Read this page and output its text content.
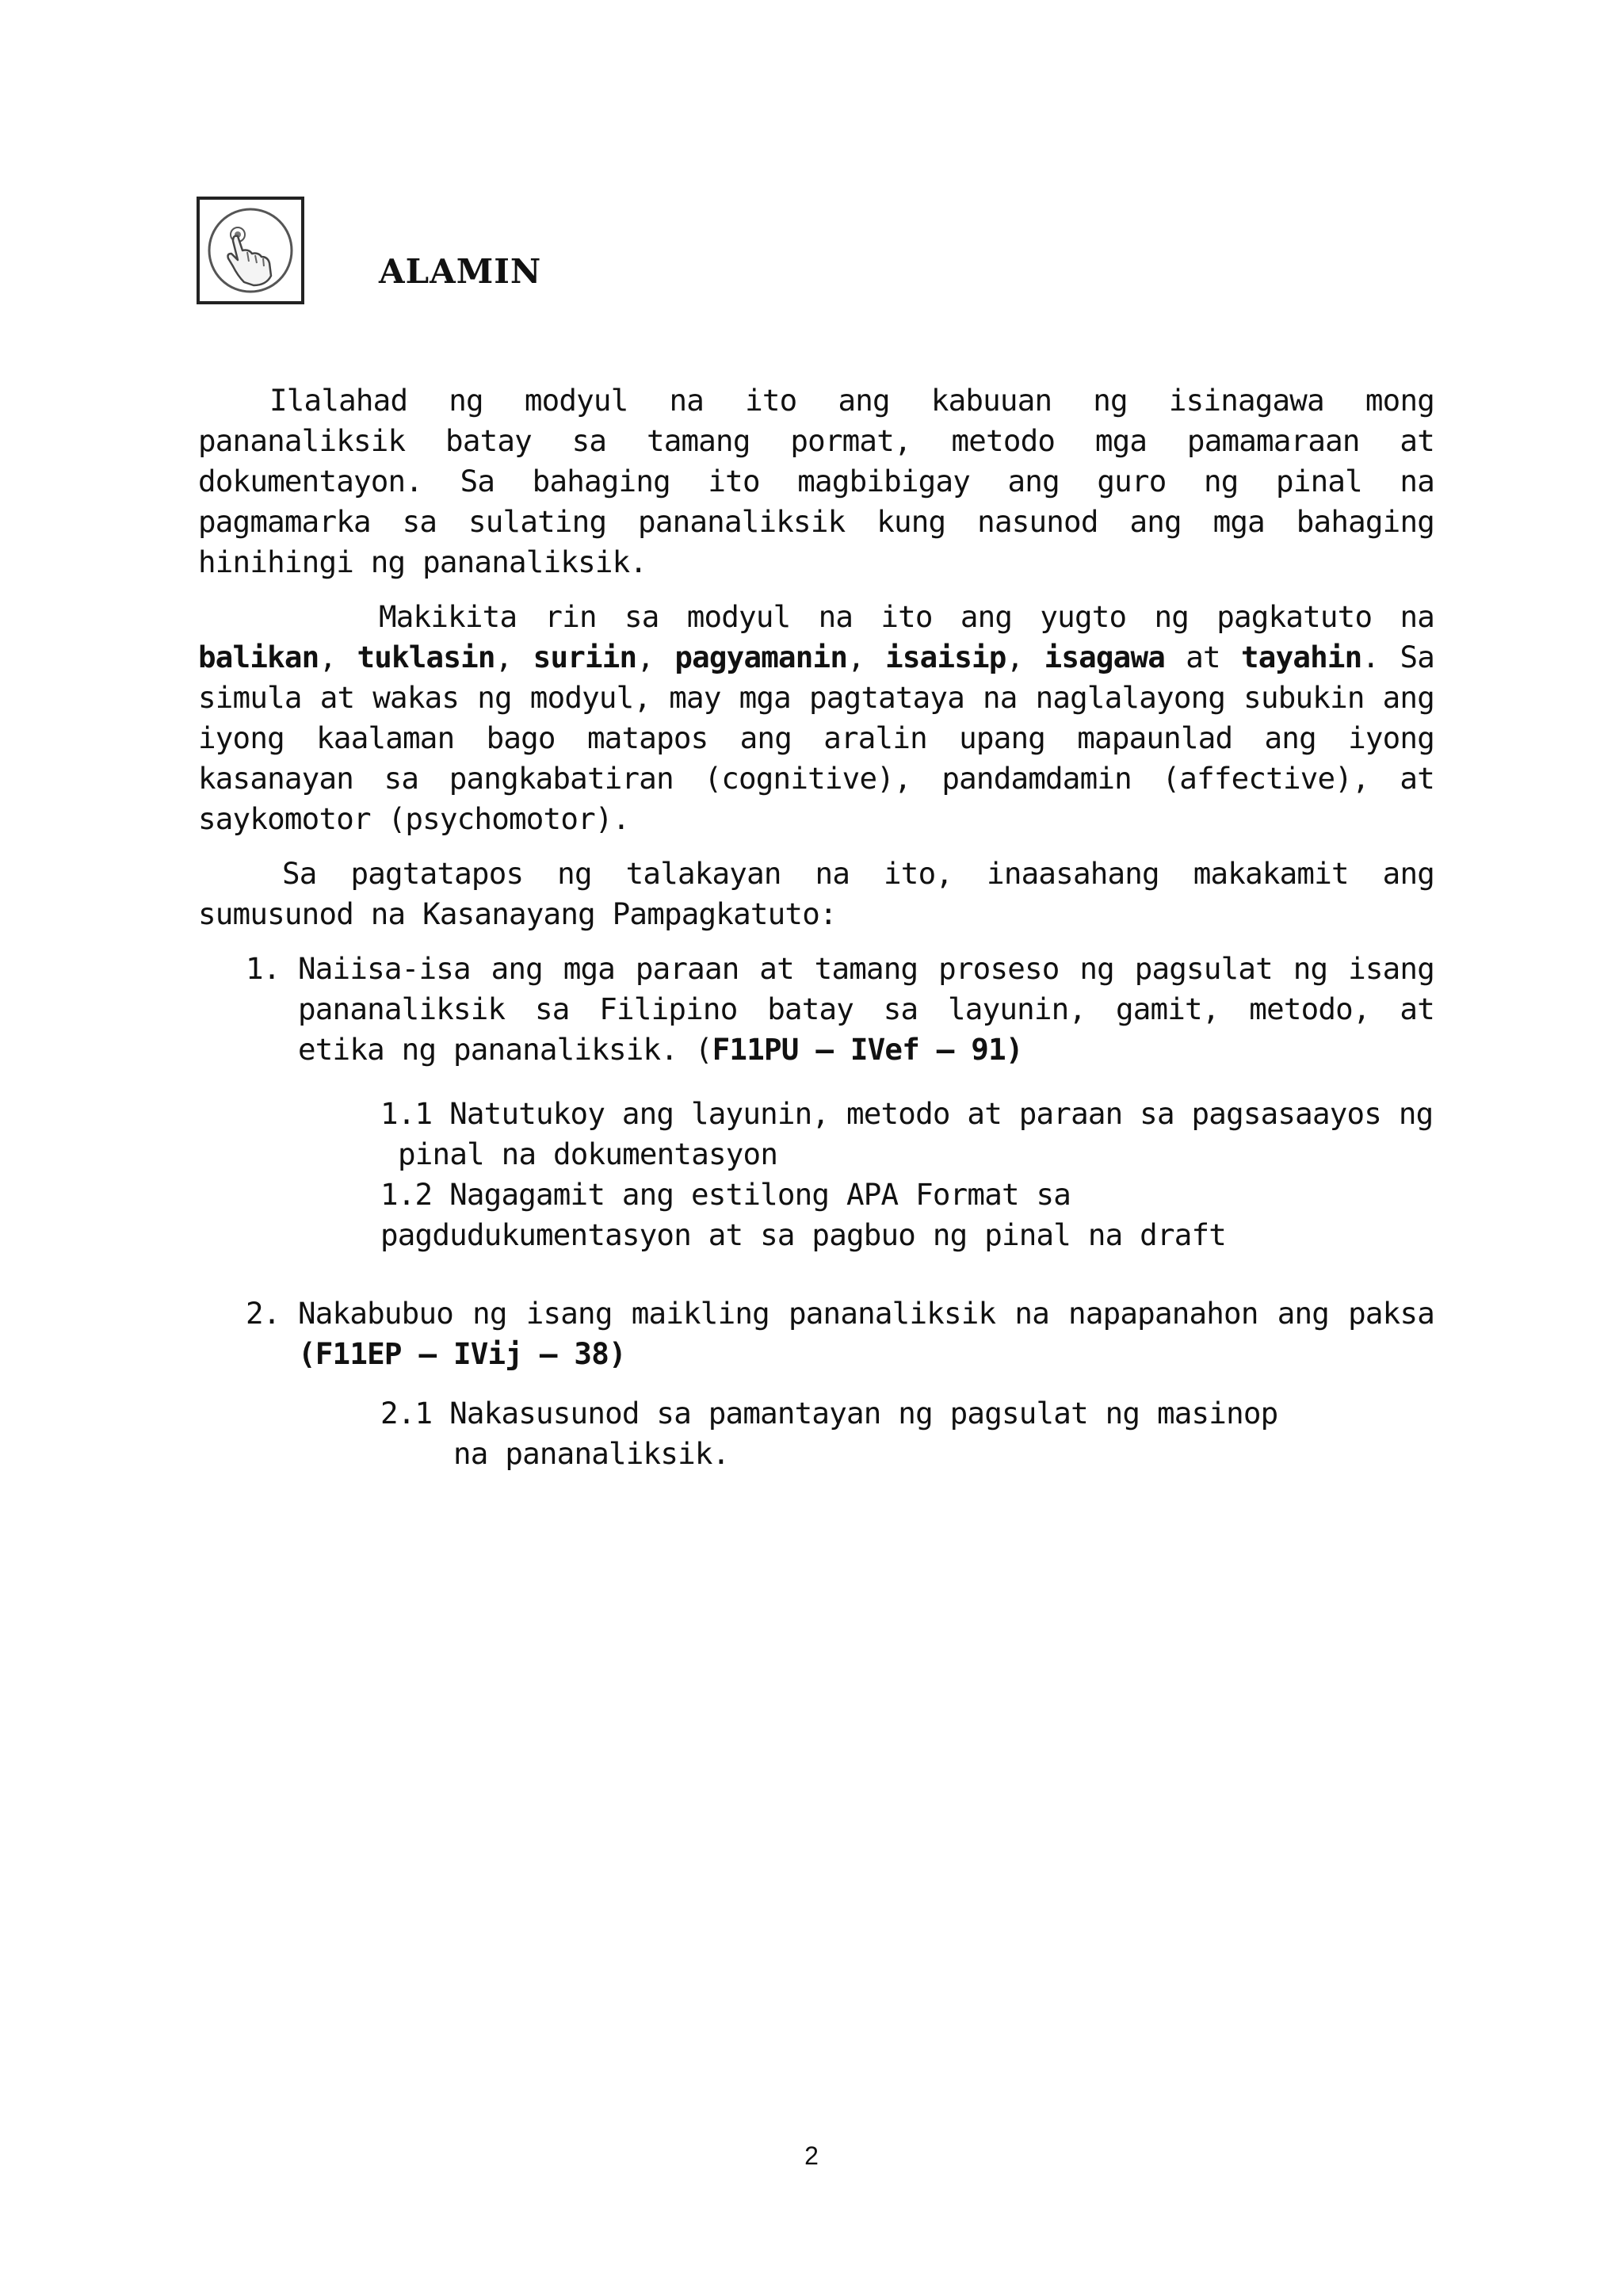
ALAMIN

Ilalahad ng modyul na ito ang kabuuan ng isinagawa mong pananaliksik batay sa tamang pormat, metodo mga pamamaraan at dokumentayon. Sa bahaging ito magbibigay ang guro ng pinal na pagmamarka sa sulating pananaliksik kung nasunod ang mga bahaging hinihingi ng pananaliksik.

Makikita rin sa modyul na ito ang yugto ng pagkatuto na balikan, tuklasin, suriin, pagyamanin, isaisip, isagawa at tayahin. Sa simula at wakas ng modyul, may mga pagtataya na naglalayong subukin ang iyong kaalaman bago matapos ang aralin upang mapaunlad ang iyong kasanayan sa pangkabatiran (cognitive), pandamdamin (affective), at saykomotor (psychomotor).

Sa pagtatapos ng talakayan na ito, inaasahang makakamit ang sumusunod na Kasanayang Pampagkatuto:

1. Naiisa-isa ang mga paraan at tamang proseso ng pagsulat ng isang pananaliksik sa Filipino batay sa layunin, gamit, metodo, at etika ng pananaliksik. (F11PU – IVef – 91)
1.1 Natutukoy ang layunin, metodo at paraan sa pagsasaayos ng
pinal na dokumentasyon
1.2 Nagagamit ang estilong APA Format sa
pagdudukumentasyon at sa pagbuo ng pinal na draft
2. Nakabubuo ng isang maikling pananaliksik na napapanahon ang paksa (F11EP – IVij – 38)
2.1 Nakasusunod sa pamantayan ng pagsulat ng masinop
na pananaliksik.
2
